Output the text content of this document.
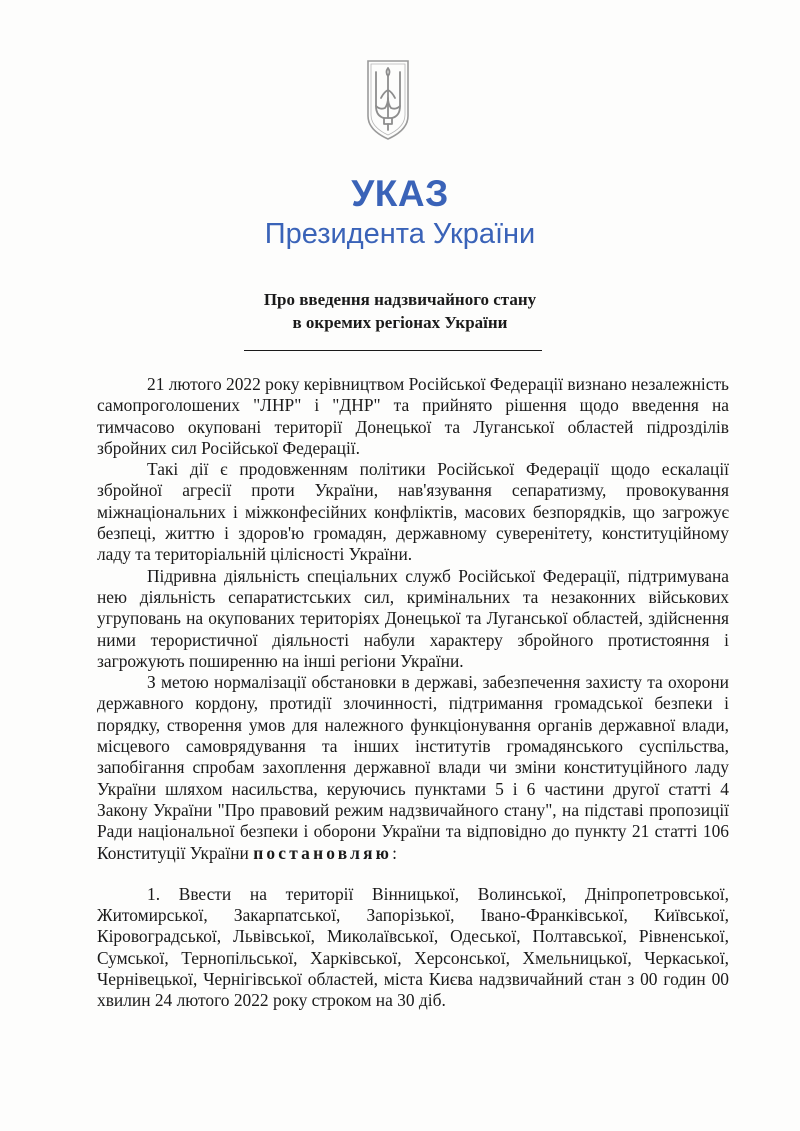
УКАЗ
Президента України
Про введення надзвичайного стану
в окремих регіонах України

21 лютого 2022 року керівництвом Російської Федерації визнано незалежність самопроголошених "ЛНР" і "ДНР" та прийнято рішення щодо введення на тимчасово окуповані території Донецької та Луганської областей підрозділів збройних сил Російської Федерації.

Такі дії є продовженням політики Російської Федерації щодо ескалації збройної агресії проти України, нав'язування сепаратизму, провокування міжнаціональних і міжконфесійних конфліктів, масових безпорядків, що загрожує безпеці, життю і здоров'ю громадян, державному суверенітету, конституційному ладу та територіальній цілісності України.

Підривна діяльність спеціальних служб Російської Федерації, підтримувана нею діяльність сепаратистських сил, кримінальних та незаконних військових угруповань на окупованих територіях Донецької та Луганської областей, здійснення ними терористичної діяльності набули характеру збройного протистояння і загрожують поширенню на інші регіони України.

З метою нормалізації обстановки в державі, забезпечення захисту та охорони державного кордону, протидії злочинності, підтримання громадської безпеки і порядку, створення умов для належного функціонування органів державної влади, місцевого самоврядування та інших інститутів громадянського суспільства, запобігання спробам захоплення державної влади чи зміни конституційного ладу України шляхом насильства, керуючись пунктами 5 і 6 частини другої статті 4 Закону України "Про правовий режим надзвичайного стану", на підставі пропозиції Ради національної безпеки і оборони України та відповідно до пункту 21 статті 106 Конституції України постановляю:

1. Ввести на території Вінницької, Волинської, Дніпропетровської, Житомирської, Закарпатської, Запорізької, Івано-Франківської, Київської, Кіровоградської, Львівської, Миколаївської, Одеської, Полтавської, Рівненської, Сумської, Тернопільської, Харківської, Херсонської, Хмельницької, Черкаської, Чернівецької, Чернігівської областей, міста Києва надзвичайний стан з 00 годин 00 хвилин 24 лютого 2022 року строком на 30 діб.
